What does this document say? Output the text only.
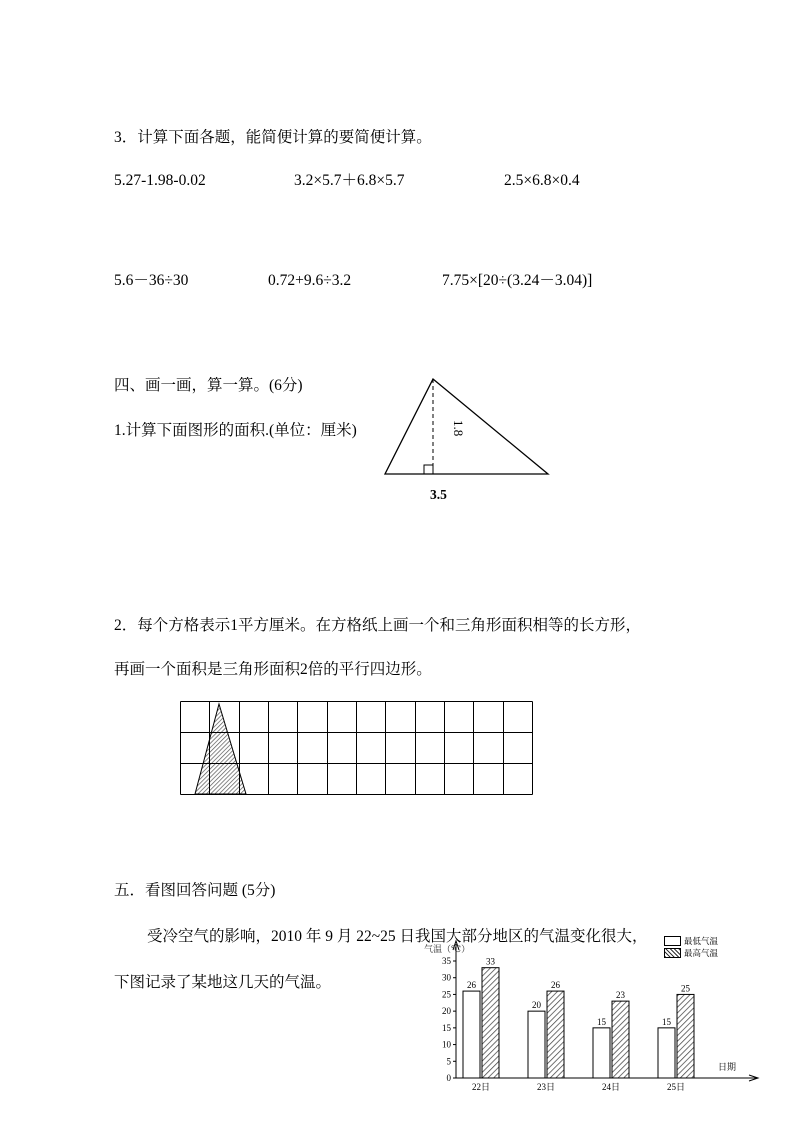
3．计算下面各题，能简便计算的要简便计算。
5.27-1.98-0.02	3.2×5.7＋6.8×5.7	2.5×6.8×0.4
5.6－36÷30	0.72+9.6÷3.2	7.75×[20÷(3.24－3.04)]
四、画一画，算一算。(6分)
1.计算下面图形的面积.(单位：厘米)	1.8
3.5
2．每个方格表示1平方厘米。在方格纸上画一个和三角形面积相等的长方形，
再画一个面积是三角形面积2倍的平行四边形。
五．看图回答问题 (5分)
受冷空气的影响，2010 年 9 月 22~25 日我国大部分地区的气温变化很大，
下图记录了某地这几天的气温。
0
5
10
15
20
25
30
35
26
33
22日
20
26
23日
15
23
24日
15
25
25日
气温（℃）
日期
最低气温
最高气温
